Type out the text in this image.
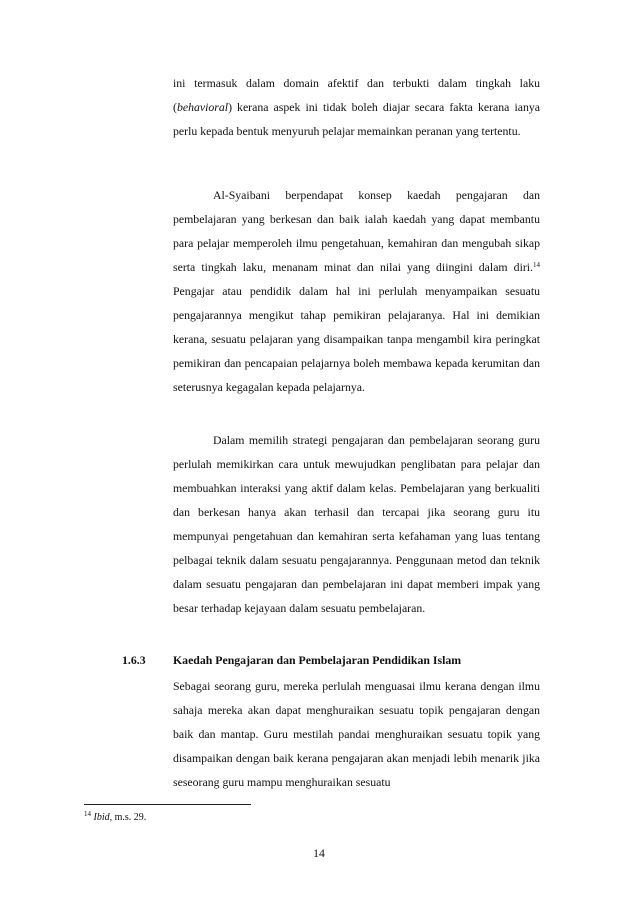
ini termasuk dalam domain afektif dan terbukti dalam tingkah laku (behavioral) kerana aspek ini tidak boleh diajar secara fakta kerana ianya perlu kepada bentuk menyuruh pelajar memainkan peranan yang tertentu.

Al-Syaibani berpendapat konsep kaedah pengajaran dan pembelajaran yang berkesan dan baik ialah kaedah yang dapat membantu para pelajar memperoleh ilmu pengetahuan, kemahiran dan mengubah sikap serta tingkah laku, menanam minat dan nilai yang diingini dalam diri.$^{14}$ Pengajar atau pendidik dalam hal ini perlulah menyampaikan sesuatu pengajarannya mengikut tahap pemikiran pelajaranya. Hal ini demikian kerana, sesuatu pelajaran yang disampaikan tanpa mengambil kira peringkat pemikiran dan pencapaian pelajarnya boleh membawa kepada kerumitan dan seterusnya kegagalan kepada pelajarnya.

Dalam memilih strategi pengajaran dan pembelajaran seorang guru perlulah memikirkan cara untuk mewujudkan penglibatan para pelajar dan membuahkan interaksi yang aktif dalam kelas. Pembelajaran yang berkualiti dan berkesan hanya akan terhasil dan tercapai jika seorang guru itu mempunyai pengetahuan dan kemahiran serta kefahaman yang luas tentang pelbagai teknik dalam sesuatu pengajarannya. Penggunaan metod dan teknik dalam sesuatu pengajaran dan pembelajaran ini dapat memberi impak yang besar terhadap kejayaan dalam sesuatu pembelajaran.

1.6.3 Kaedah Pengajaran dan Pembelajaran Pendidikan Islam

Sebagai seorang guru, mereka perlulah menguasai ilmu kerana dengan ilmu sahaja mereka akan dapat menghuraikan sesuatu topik pengajaran dengan baik dan mantap. Guru mestilah pandai menghuraikan sesuatu topik yang disampaikan dengan baik kerana pengajaran akan menjadi lebih menarik jika seseorang guru mampu menghuraikan sesuatu

$^{14}$ Ibid, m.s. 29.
14
